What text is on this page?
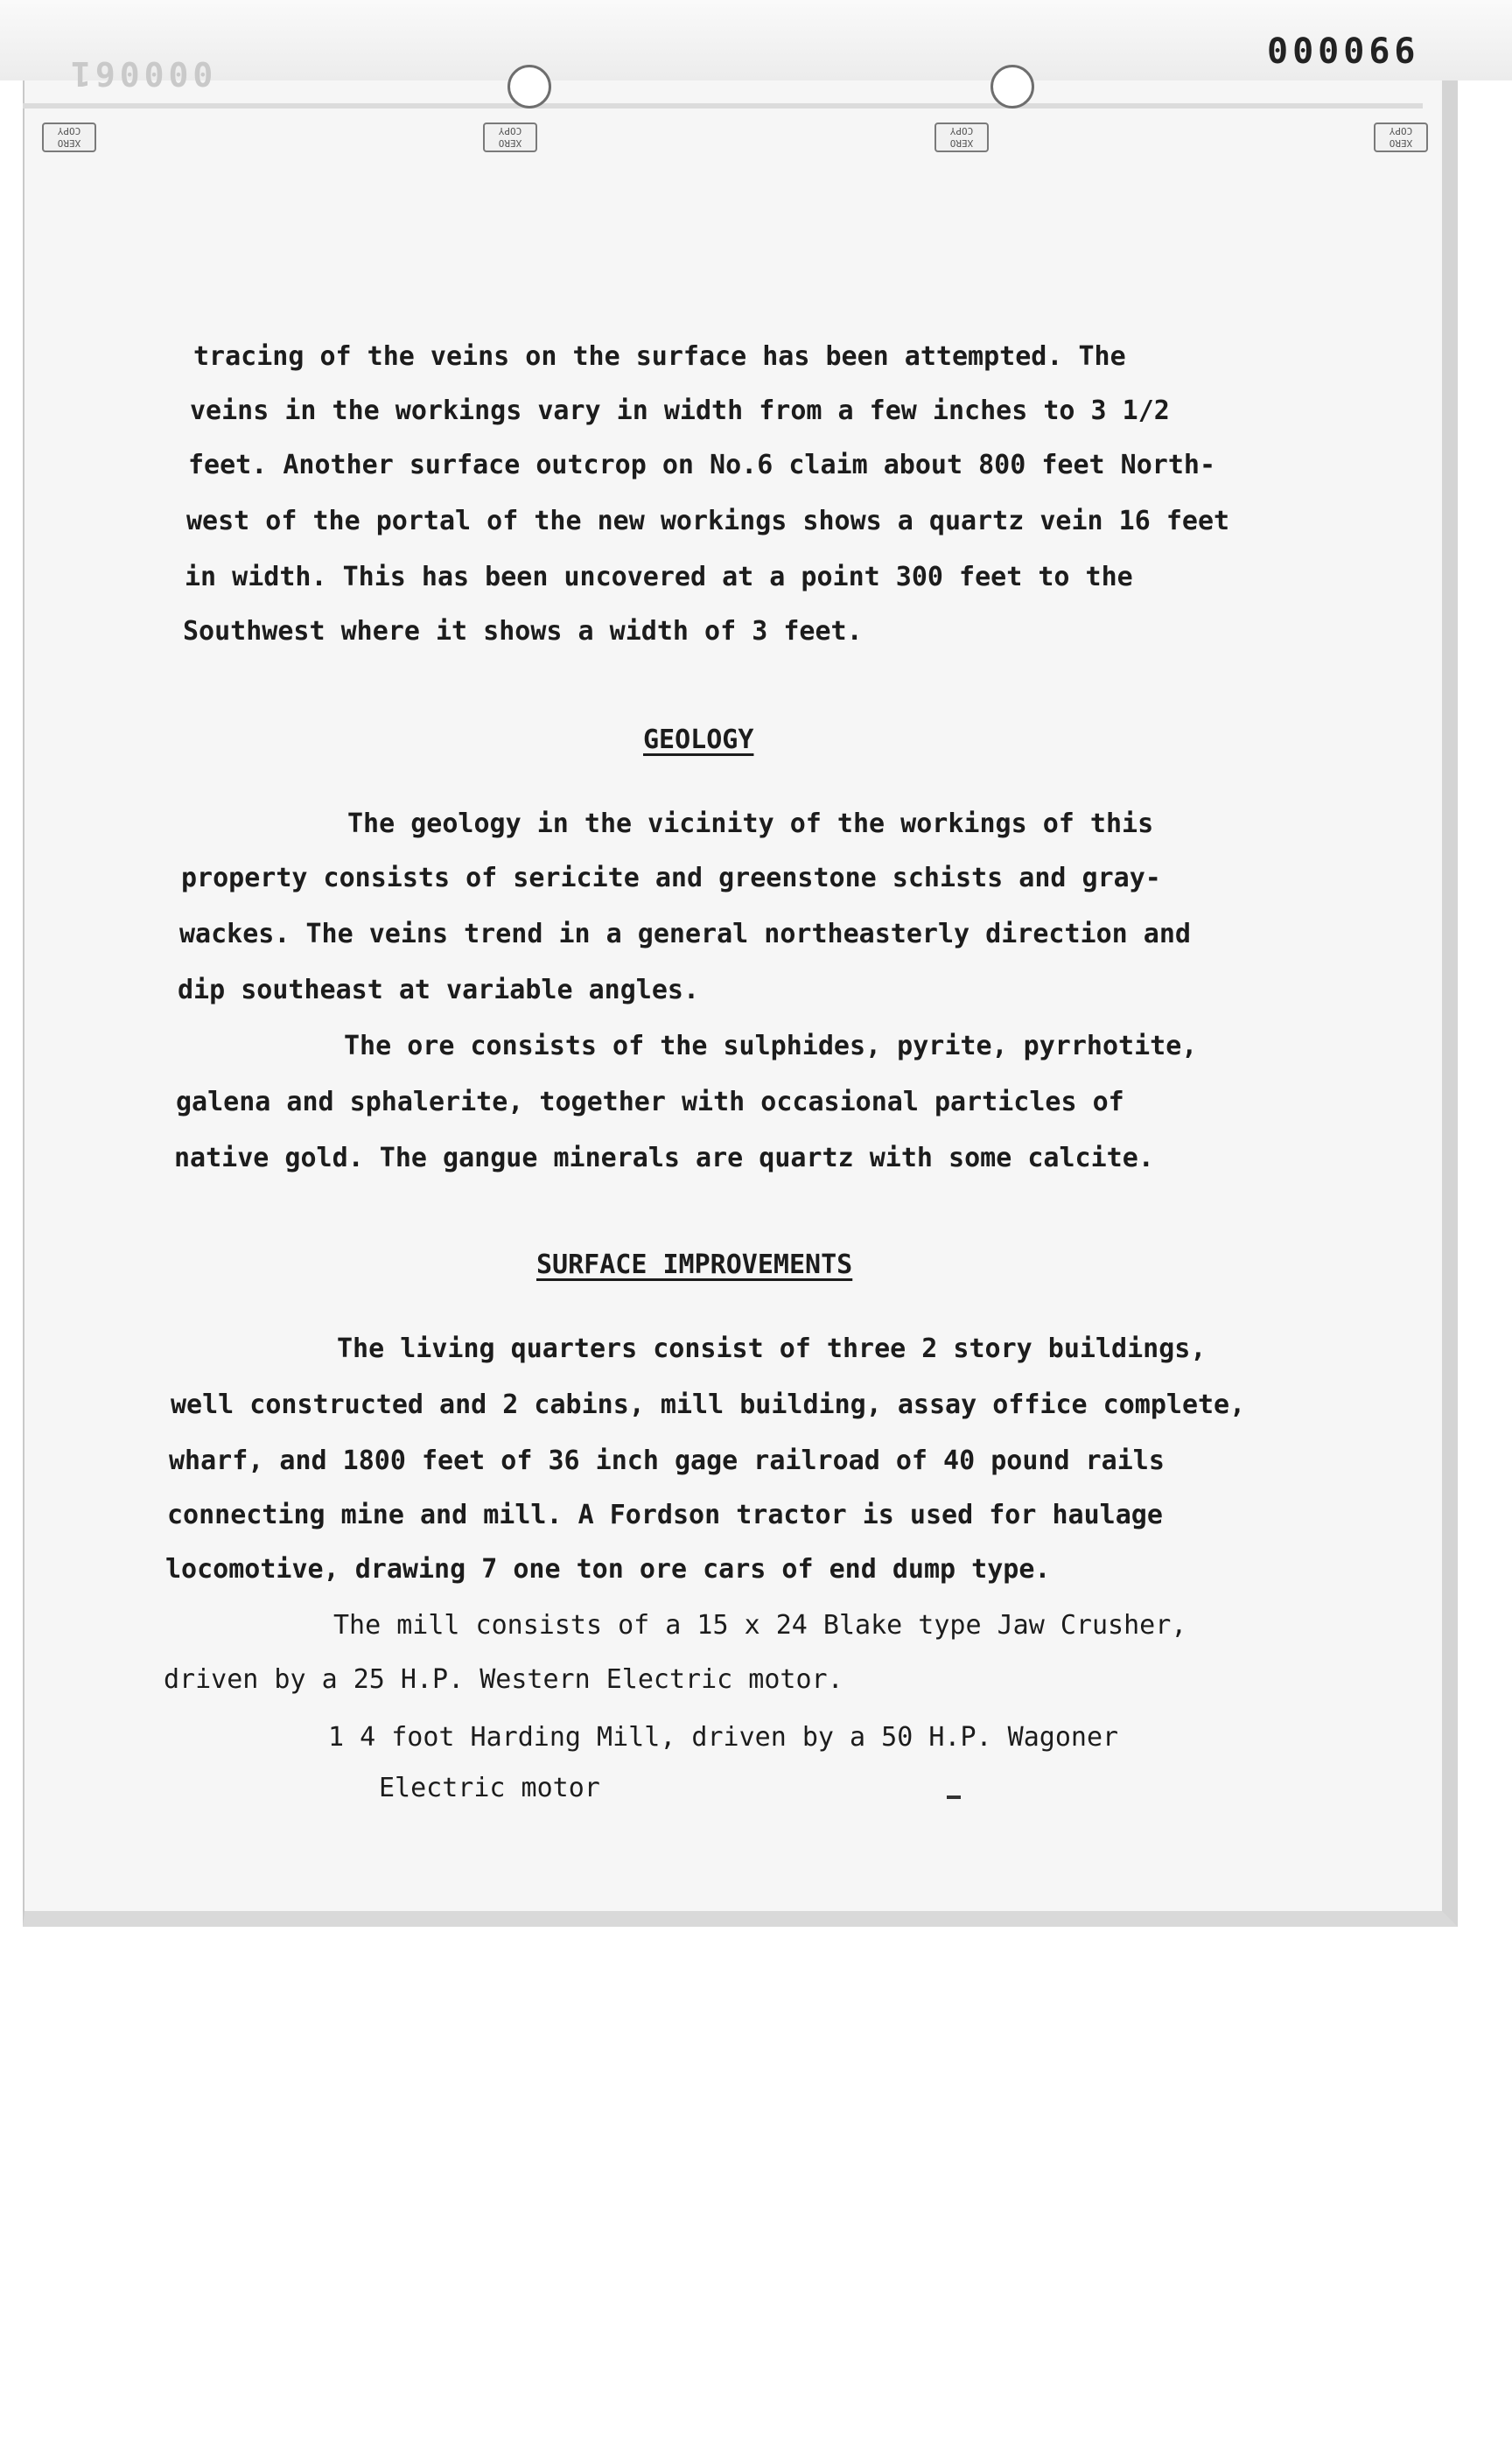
XERO COPY
XERO COPY
XERO COPY
XERO COPY
000061
000066
tracing of the veins on the surface has been attempted. The
veins in the workings vary in width from a few inches to 3 1/2
feet. Another surface outcrop on No.6 claim about 800 feet North-
west of the portal of the new workings shows a quartz vein 16 feet
in width. This has been uncovered at a point 300 feet to the
Southwest where it shows a width of 3 feet.
GEOLOGY
The geology in the vicinity of the workings of this
property consists of sericite and greenstone schists and gray-
wackes. The veins trend in a general northeasterly direction and
dip southeast at variable angles.
The ore consists of the sulphides, pyrite, pyrrhotite,
galena and sphalerite, together with occasional particles of
native gold. The gangue minerals are quartz with some calcite.
SURFACE IMPROVEMENTS
The living quarters consist of three 2 story buildings,
well constructed and 2 cabins, mill building, assay office complete,
wharf, and 1800 feet of 36 inch gage railroad of 40 pound rails
connecting mine and mill. A Fordson tractor is used for haulage
locomotive, drawing 7 one ton ore cars of end dump type.
The mill consists of a 15 x 24 Blake type Jaw Crusher,
driven by a 25 H.P. Western Electric motor.
1 4 foot Harding Mill, driven by a 50 H.P. Wagoner
Electric motor
